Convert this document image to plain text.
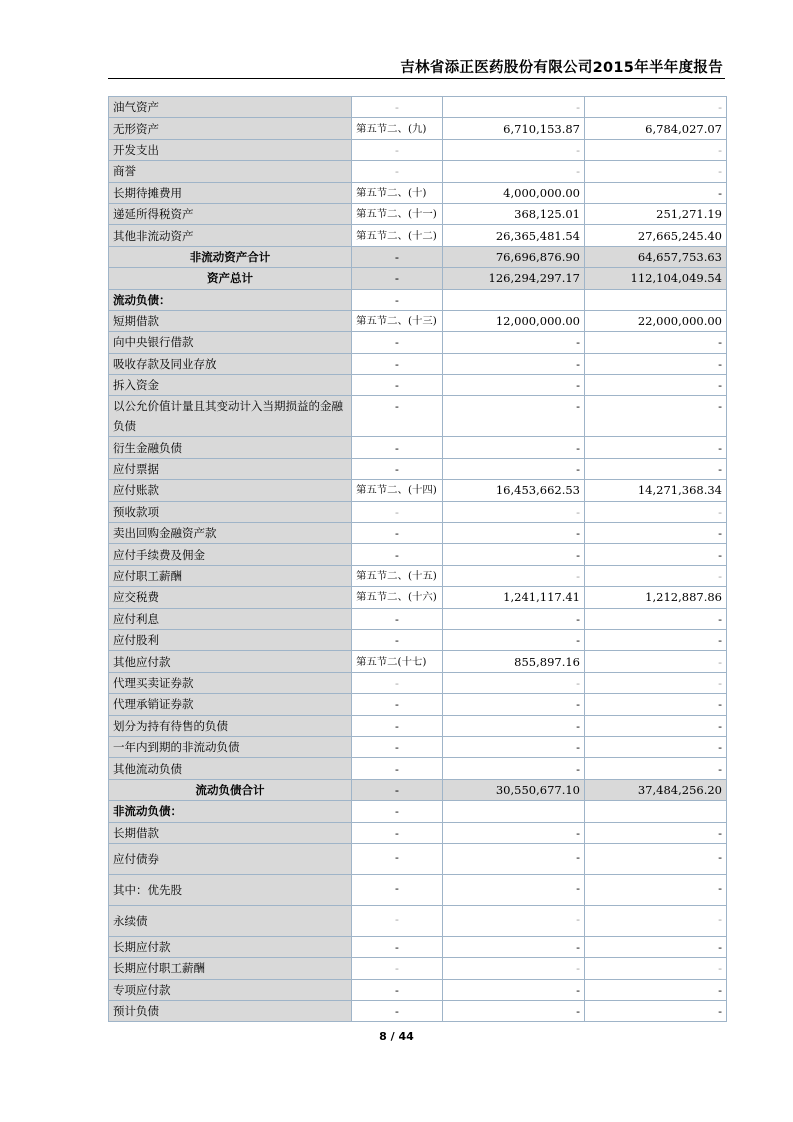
吉林省添正医药股份有限公司2015年半年度报告
油气资产	-	-	-
无形资产	第五节二、(九)	6,710,153.87	6,784,027.07
开发支出	-	-	-
商誉	-	-	-
长期待摊费用	第五节二、(十)	4,000,000.00	-
递延所得税资产	第五节二、(十一)	368,125.01	251,271.19
其他非流动资产	第五节二、(十二)	26,365,481.54	27,665,245.40
非流动资产合计	-	76,696,876.90	64,657,753.63
资产总计	-	126,294,297.17	112,104,049.54
流动负债：	-		
短期借款	第五节二、(十三)	12,000,000.00	22,000,000.00
向中央银行借款	-	-	-
吸收存款及同业存放	-	-	-
拆入资金	-	-	-
以公允价值计量且其变动计入当期损益的金融负债	-	-	-
衍生金融负债	-	-	-
应付票据	-	-	-
应付账款	第五节二、(十四)	16,453,662.53	14,271,368.34
预收款项	-	-	-
卖出回购金融资产款	-	-	-
应付手续费及佣金	-	-	-
应付职工薪酬	第五节二、(十五)	-	-
应交税费	第五节二、(十六)	1,241,117.41	1,212,887.86
应付利息	-	-	-
应付股利	-	-	-
其他应付款	第五节二(十七)	855,897.16	-
代理买卖证券款	-	-	-
代理承销证券款	-	-	-
划分为持有待售的负债	-	-	-
一年内到期的非流动负债	-	-	-
其他流动负债	-	-	-
流动负债合计	-	30,550,677.10	37,484,256.20
非流动负债：	-		
长期借款	-	-	-
应付债券	-	-	-
其中：优先股	-	-	-
永续债	-	-	-
长期应付款	-	-	-
长期应付职工薪酬	-	-	-
专项应付款	-	-	-
预计负债	-	-	-
8 / 44
